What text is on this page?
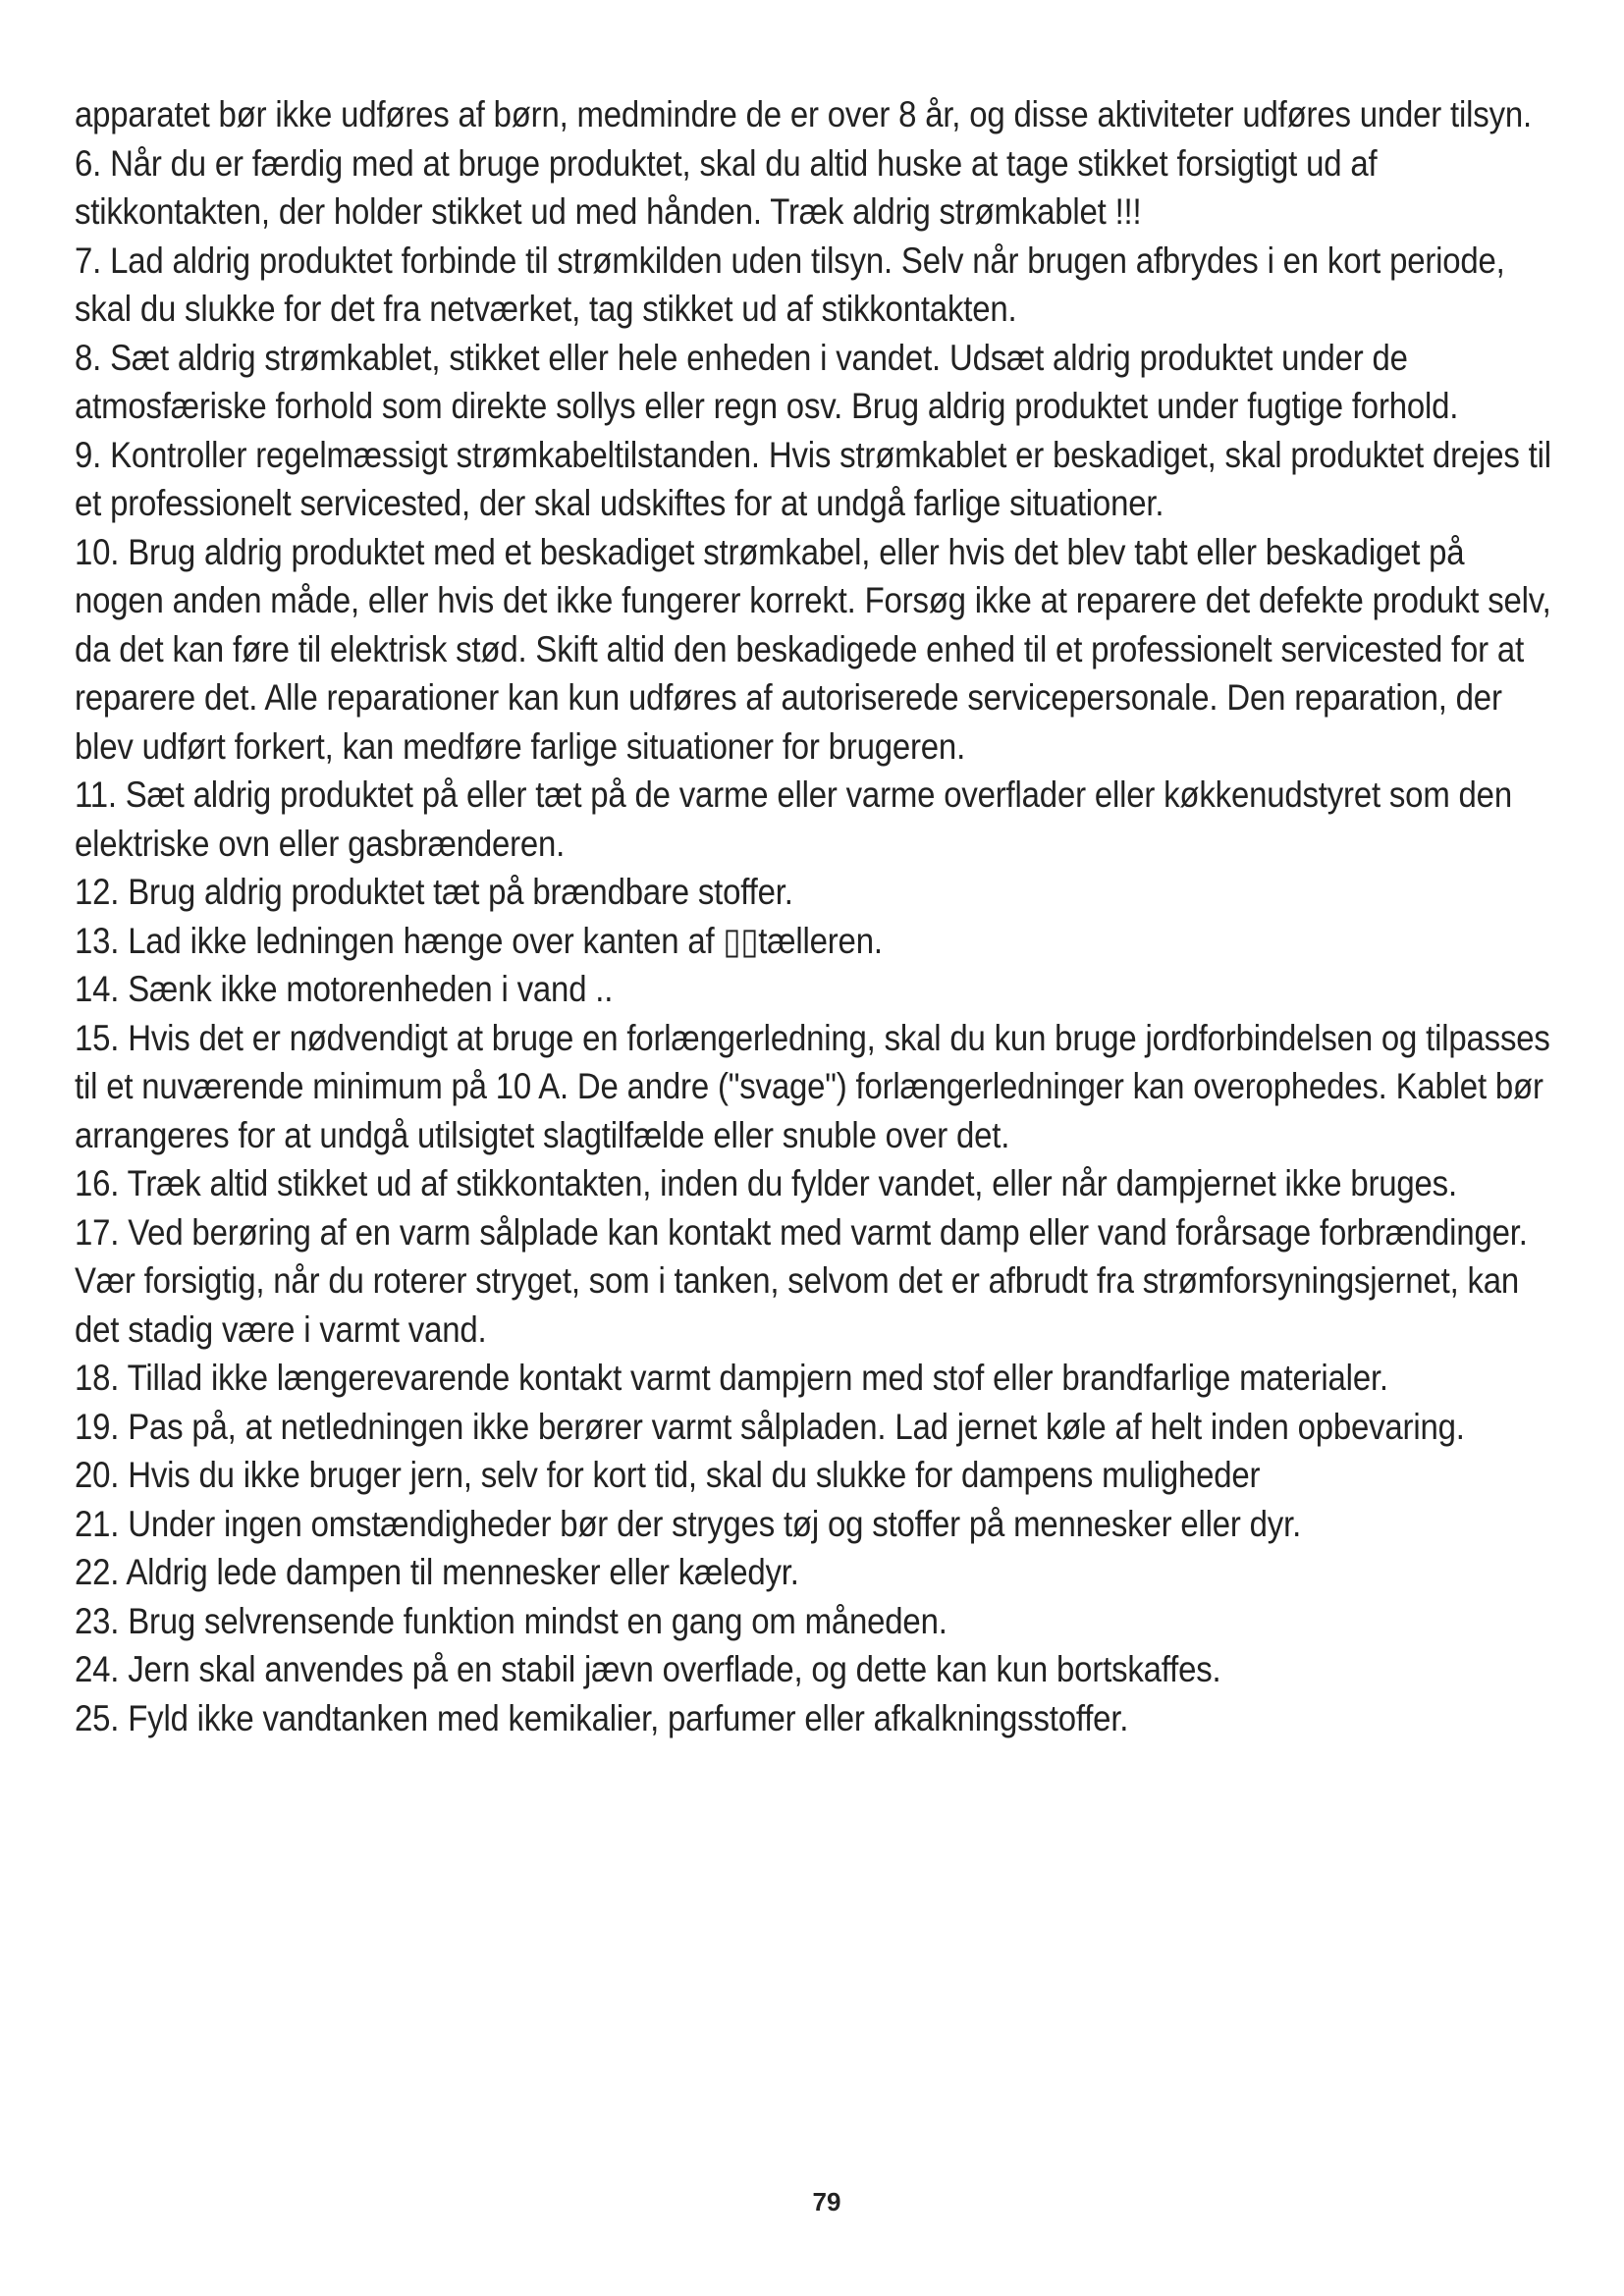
apparatet bør ikke udføres af børn, medmindre de er over 8 år, og disse aktiviteter udføres under tilsyn.

6. Når du er færdig med at bruge produktet, skal du altid huske at tage stikket forsigtigt ud af stikkontakten, der holder stikket ud med hånden. Træk aldrig strømkablet !!!

7. Lad aldrig produktet forbinde til strømkilden uden tilsyn. Selv når brugen afbrydes i en kort periode, skal du slukke for det fra netværket, tag stikket ud af stikkontakten.

8. Sæt aldrig strømkablet, stikket eller hele enheden i vandet. Udsæt aldrig produktet under de atmosfæriske forhold som direkte sollys eller regn osv. Brug aldrig produktet under fugtige forhold.

9. Kontroller regelmæssigt strømkabeltilstanden. Hvis strømkablet er beskadiget, skal produktet drejes til et professionelt servicested, der skal udskiftes for at undgå farlige situationer.

10. Brug aldrig produktet med et beskadiget strømkabel, eller hvis det blev tabt eller beskadiget på nogen anden måde, eller hvis det ikke fungerer korrekt. Forsøg ikke at reparere det defekte produkt selv, da det kan føre til elektrisk stød. Skift altid den beskadigede enhed til et professionelt servicested for at reparere det. Alle reparationer kan kun udføres af autoriserede servicepersonale. Den reparation, der blev udført forkert, kan medføre farlige situationer for brugeren.

11. Sæt aldrig produktet på eller tæt på de varme eller varme overflader eller køkkenudstyret som den elektriske ovn eller gasbrænderen.

12. Brug aldrig produktet tæt på brændbare stoffer.

13. Lad ikke ledningen hænge over kanten af ▯▯tælleren.

14. Sænk ikke motorenheden i vand ..

15. Hvis det er nødvendigt at bruge en forlængerledning, skal du kun bruge jordforbindelsen og tilpasses til et nuværende minimum på 10 A. De andre ("svage") forlængerledninger kan overophedes. Kablet bør arrangeres for at undgå utilsigtet slagtilfælde eller snuble over det.

16. Træk altid stikket ud af stikkontakten, inden du fylder vandet, eller når dampjernet ikke bruges.

17. Ved berøring af en varm sålplade kan kontakt med varmt damp eller vand forårsage forbrændinger. Vær forsigtig, når du roterer stryget, som i tanken, selvom det er afbrudt fra strømforsyningsjernet, kan det stadig være i varmt vand.

18. Tillad ikke længerevarende kontakt varmt dampjern med stof eller brandfarlige materialer.

19. Pas på, at netledningen ikke berører varmt sålpladen. Lad jernet køle af helt inden opbevaring.

20. Hvis du ikke bruger jern, selv for kort tid, skal du slukke for dampens muligheder

21. Under ingen omstændigheder bør der stryges tøj og stoffer på mennesker eller dyr.

22. Aldrig lede dampen til mennesker eller kæledyr.

23. Brug selvrensende funktion mindst en gang om måneden.

24. Jern skal anvendes på en stabil jævn overflade, og dette kan kun bortskaffes.

25. Fyld ikke vandtanken med kemikalier, parfumer eller afkalkningsstoffer.

79
